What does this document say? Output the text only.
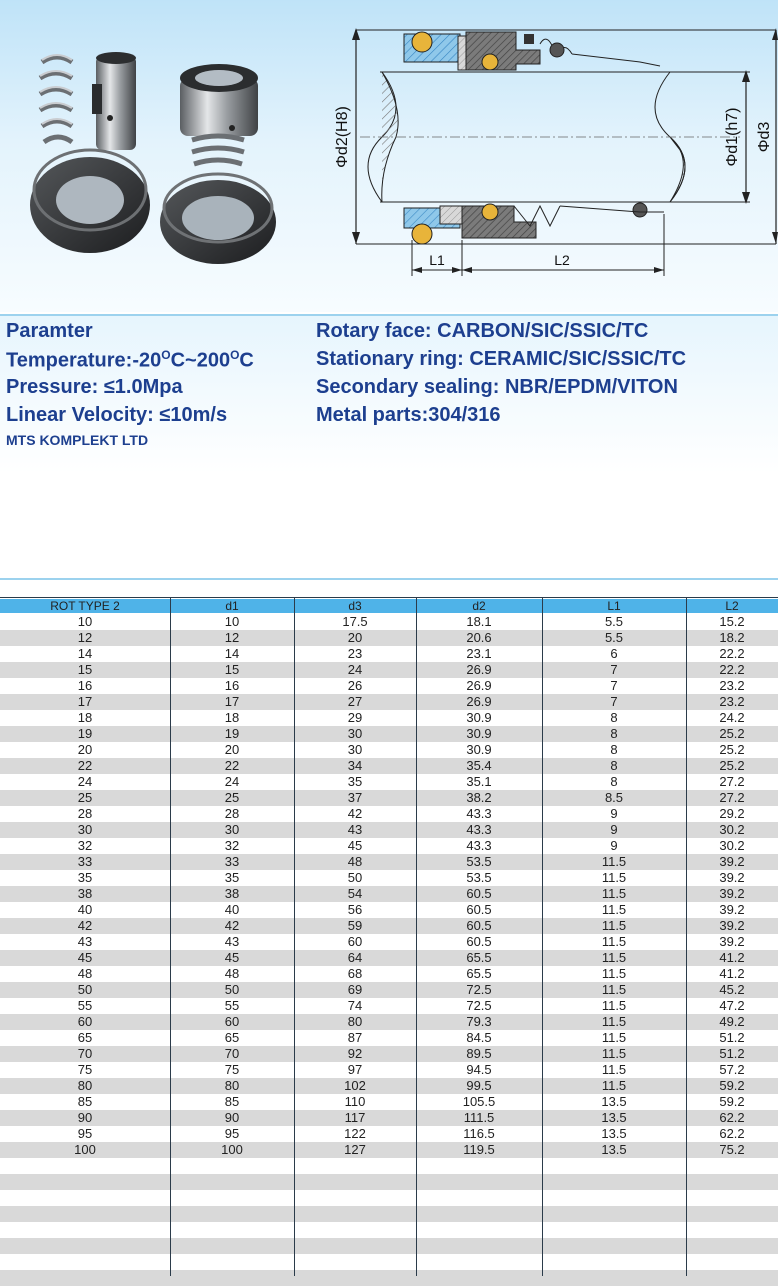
L1	L2
Φd2(H8)	Φd1(h7) Φd3
Paramter
$Temperature:-20^OC\sim 200^OC$
Pressure: ≤1.0Mpa
Linear Velocity: ≤10m/s
MTS KOMPLEKT LTD
Rotary face: CARBON/SIC/SSIC/TC
Stationary ring: CERAMIC/SIC/SSIC/TC
Secondary sealing: NBR/EPDM/VITON
Metal parts:304/316
ROT TYPE 2	d1	d3	d2	L1	L2
10	10	17.5	18.1	5.5	15.2
12	12	20	20.6	5.5	18.2
14	14	23	23.1	6	22.2
15	15	24	26.9	7	22.2
16	16	26	26.9	7	23.2
17	17	27	26.9	7	23.2
18	18	29	30.9	8	24.2
19	19	30	30.9	8	25.2
20	20	30	30.9	8	25.2
22	22	34	35.4	8	25.2
24	24	35	35.1	8	27.2
25	25	37	38.2	8.5	27.2
28	28	42	43.3	9	29.2
30	30	43	43.3	9	30.2
32	32	45	43.3	9	30.2
33	33	48	53.5	11.5	39.2
35	35	50	53.5	11.5	39.2
38	38	54	60.5	11.5	39.2
40	40	56	60.5	11.5	39.2
42	42	59	60.5	11.5	39.2
43	43	60	60.5	11.5	39.2
45	45	64	65.5	11.5	41.2
48	48	68	65.5	11.5	41.2
50	50	69	72.5	11.5	45.2
55	55	74	72.5	11.5	47.2
60	60	80	79.3	11.5	49.2
65	65	87	84.5	11.5	51.2
70	70	92	89.5	11.5	51.2
75	75	97	94.5	11.5	57.2
80	80	102	99.5	11.5	59.2
85	85	110	105.5	13.5	59.2
90	90	117	111.5	13.5	62.2
95	95	122	116.5	13.5	62.2
100	100	127	119.5	13.5	75.2
